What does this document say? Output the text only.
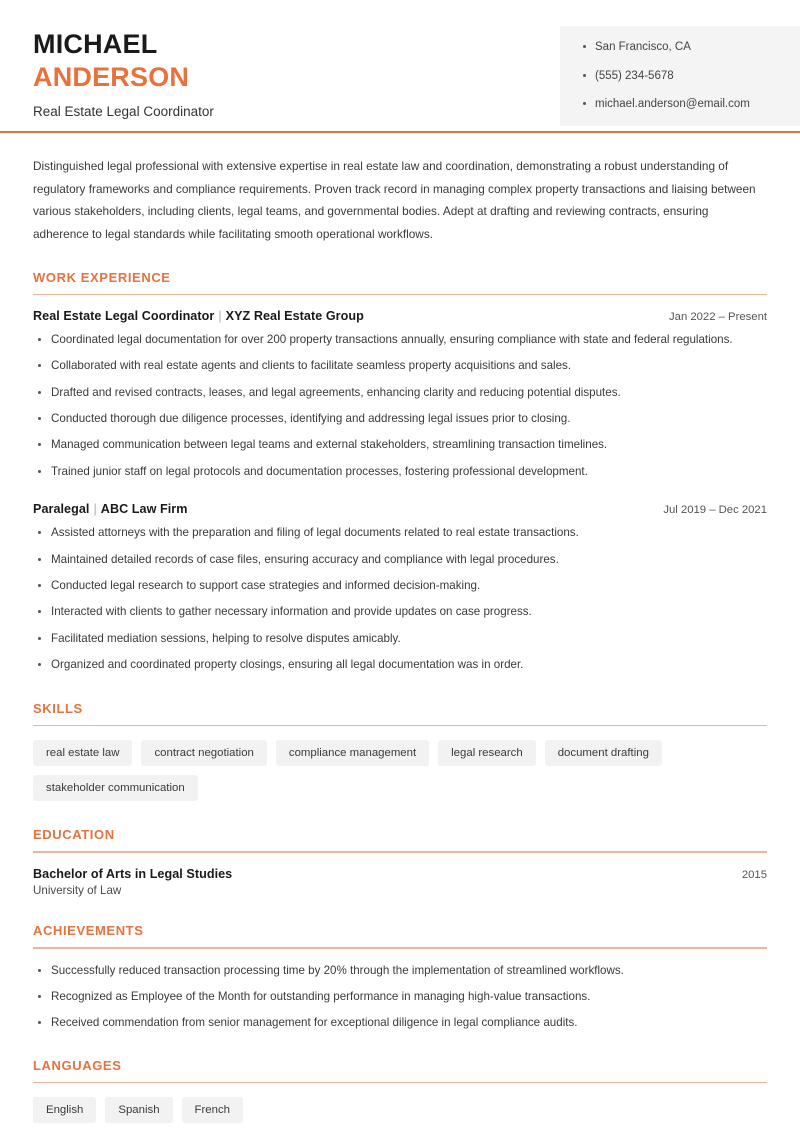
MICHAEL
ANDERSON
Real Estate Legal Coordinator
San Francisco, CA
(555) 234-5678
michael.anderson@email.com
Distinguished legal professional with extensive expertise in real estate law and coordination, demonstrating a robust understanding of regulatory frameworks and compliance requirements. Proven track record in managing complex property transactions and liaising between various stakeholders, including clients, legal teams, and governmental bodies. Adept at drafting and reviewing contracts, ensuring adherence to legal standards while facilitating smooth operational workflows.
WORK EXPERIENCE
Real Estate Legal Coordinator | XYZ Real Estate Group	Jan 2022 – Present
Coordinated legal documentation for over 200 property transactions annually, ensuring compliance with state and federal regulations.
Collaborated with real estate agents and clients to facilitate seamless property acquisitions and sales.
Drafted and revised contracts, leases, and legal agreements, enhancing clarity and reducing potential disputes.
Conducted thorough due diligence processes, identifying and addressing legal issues prior to closing.
Managed communication between legal teams and external stakeholders, streamlining transaction timelines.
Trained junior staff on legal protocols and documentation processes, fostering professional development.
Paralegal | ABC Law Firm	Jul 2019 – Dec 2021
Assisted attorneys with the preparation and filing of legal documents related to real estate transactions.
Maintained detailed records of case files, ensuring accuracy and compliance with legal procedures.
Conducted legal research to support case strategies and informed decision-making.
Interacted with clients to gather necessary information and provide updates on case progress.
Facilitated mediation sessions, helping to resolve disputes amicably.
Organized and coordinated property closings, ensuring all legal documentation was in order.
SKILLS
real estate law	contract negotiation	compliance management	legal research	document drafting
stakeholder communication
EDUCATION
Bachelor of Arts in Legal Studies	2015
University of Law
ACHIEVEMENTS
Successfully reduced transaction processing time by 20% through the implementation of streamlined workflows.
Recognized as Employee of the Month for outstanding performance in managing high-value transactions.
Received commendation from senior management for exceptional diligence in legal compliance audits.
LANGUAGES
English	Spanish	French
